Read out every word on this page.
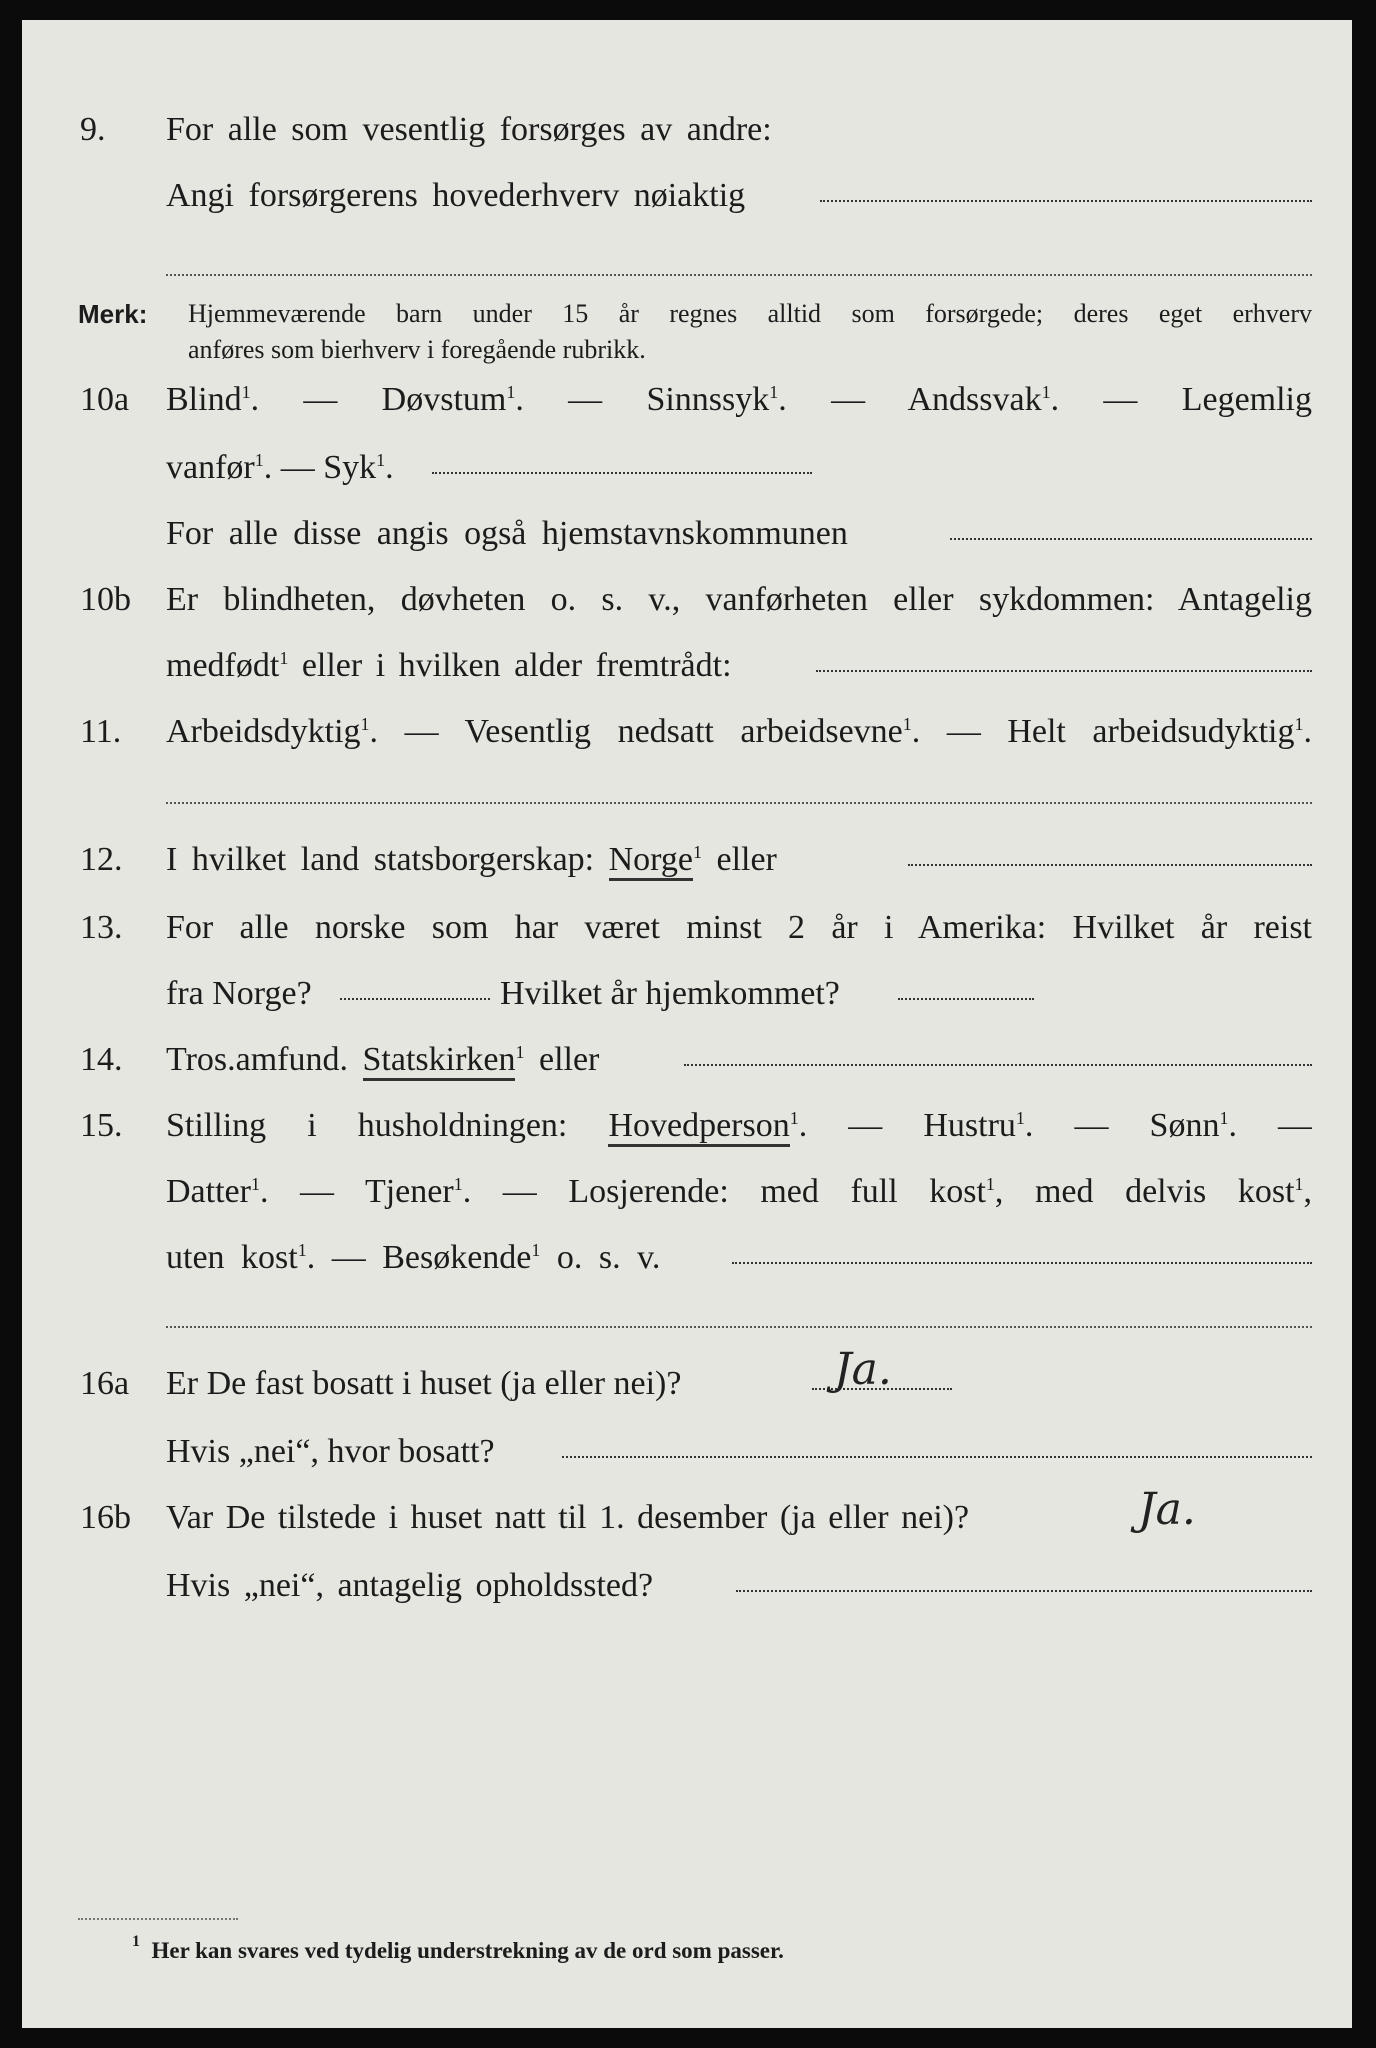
9. For alle som vesentlig forsørges av andre:
Angi forsørgerens hovederhverv nøiaktig
Merk: Hjemmeværende barn under 15 år regnes alltid som forsørgede; deres eget erhverv
anføres som bierhverv i foregående rubrikk.
10a Blind$^1$. — Døvstum$^1$. — Sinnssyk$^1$. — Andssvak$^1$. — Legemlig
vanfør$^1$. — Syk$^1$.
For alle disse angis også hjemstavnskommunen
10b Er blindheten, døvheten o. s. v., vanførheten eller sykdommen: Antagelig
medfødt$^1$ eller i hvilken alder fremtrådt:
11. Arbeidsdyktig$^1$. — Vesentlig nedsatt arbeidsevne$^1$. — Helt arbeidsudyktig$^1$.
12. I hvilket land statsborgerskap: Norge$^1$ eller
13. For alle norske som har været minst 2 år i Amerika: Hvilket år reist
fra Norge?	Hvilket år hjemkommet?
14. Tros.amfund. Statskirken$^1$ eller
15. Stilling i husholdningen: Hovedperson$^1$. — Hustru$^1$. — Sønn$^1$. —
Datter$^1$. — Tjener$^1$. — Losjerende: med full kost$^1$, med delvis kost$^1$,
uten kost$^1$. — Besøkende$^1$ o. s. v.
16a Er De fast bosatt i huset (ja eller nei)?	Ja.
Hvis „nei“, hvor bosatt?
16b Var De tilstede i huset natt til 1. desember (ja eller nei)?	Ja.
Hvis „nei“, antagelig opholdssted?
$^1$ Her kan svares ved tydelig understrekning av de ord som passer.
